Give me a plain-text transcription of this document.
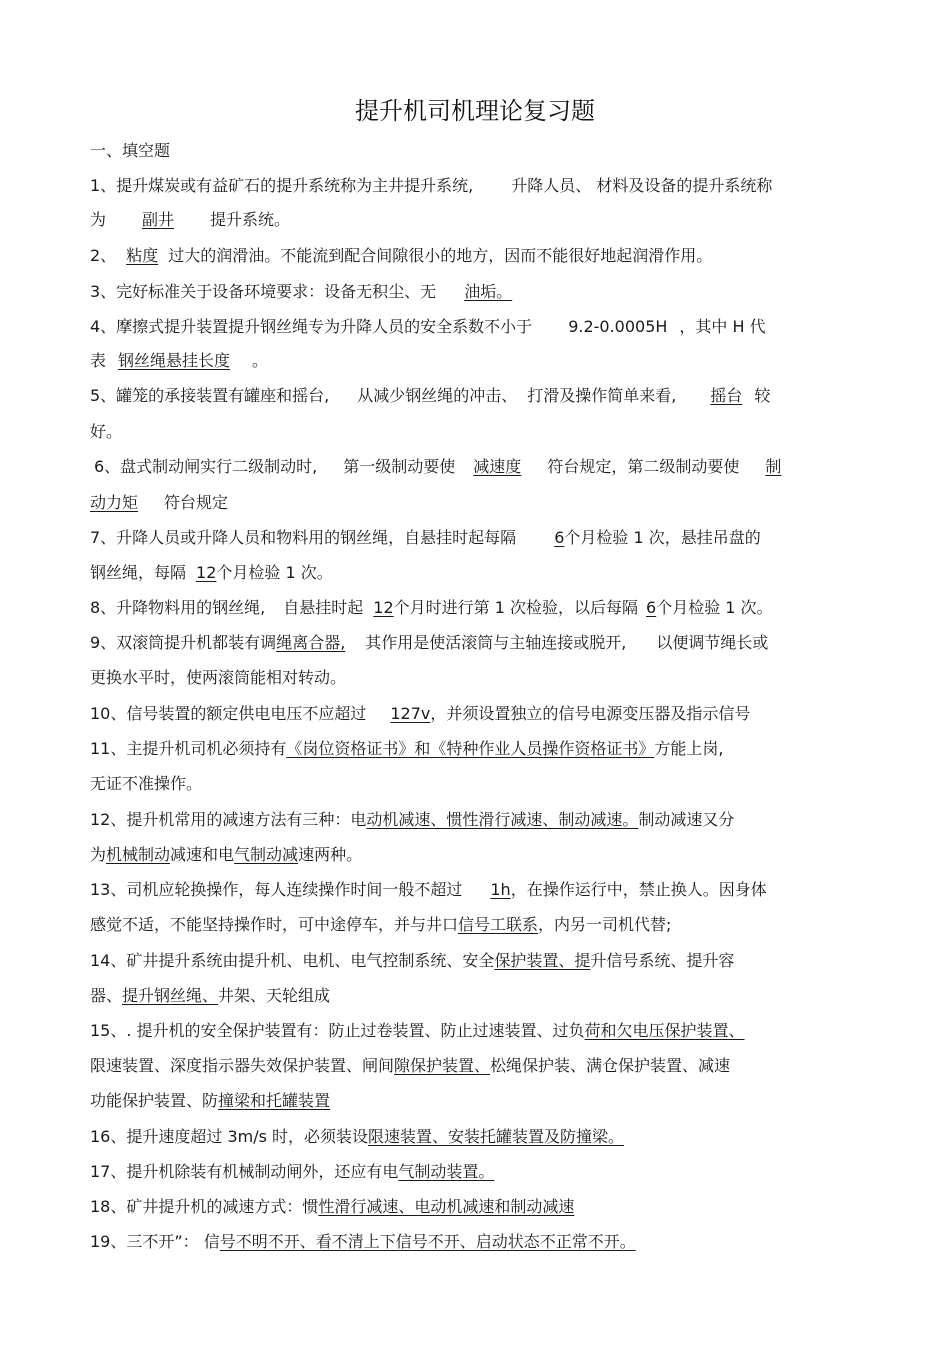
提升机司机理论复习题
一、填空题
1、提升煤炭或有益矿石的提升系统称为主井提升系统, 升降人员、 材料及设备的提升系统称
为 副井 提升系统。
2、 粘度 过大的润滑油。不能流到配合间隙很小的地方，因而不能很好地起润滑作用。
3、完好标准关于设备环境要求：设备无积尘、无 油垢。
4、摩擦式提升装置提升钢丝绳专为升降人员的安全系数不小于 9.2-0.0005H ，其中 H 代
表 钢丝绳悬挂长度 。
5、罐笼的承接装置有罐座和摇台, 从减少钢丝绳的冲击、 打滑及操作简单来看, 摇台 较
好。
6、盘式制动闸实行二级制动时, 第一级制动要使 减速度 符台规定，第二级制动要使 制
动力矩 符台规定
7、升降人员或升降人员和物料用的钢丝绳，自悬挂时起每隔 6个月检验 1 次，悬挂吊盘的
钢丝绳，每隔 12个月检验 1 次。
8、升降物料用的钢丝绳, 自悬挂时起 12个月时进行第 1 次检验，以后每隔 6个月检验 1 次。
9、双滚筒提升机都装有调绳离合器, 其作用是使活滚筒与主轴连接或脱开, 以便调节绳长或
更换水平时，使两滚筒能相对转动。
10、信号装置的额定供电电压不应超过 127v，并须设置独立的信号电源变压器及指示信号
11、主提升机司机必须持有《岗位资格证书》和《特种作业人员操作资格证书》方能上岗,
无证不准操作。
12、提升机常用的减速方法有三种：电动机减速、惯性滑行减速、制动减速。制动减速又分
为机械制动减速和电气制动减速两种。
13、司机应轮换操作，每人连续操作时间一般不超过 1h，在操作运行中，禁止换人。因身体
感觉不适，不能坚持操作时，可中途停车，并与井口信号工联系，内另一司机代替;
14、矿井提升系统由提升机、电机、电气控制系统、安全保护装置、提升信号系统、提升容
器、提升钢丝绳、井架、天轮组成
15、. 提升机的安全保护装置有：防止过卷装置、防止过速装置、过负荷和欠电压保护装置、
限速装置、深度指示器失效保护装置、闸间隙保护装置、松绳保护装、满仓保护装置、减速
功能保护装置、防撞梁和托罐装置
16、提升速度超过 3m/s 时，必须装设限速装置、安装托罐装置及防撞梁。
17、提升机除装有机械制动闸外，还应有电气制动装置。
18、矿井提升机的减速方式：惯性滑行减速、电动机减速和制动减速
19、三不开”： 信号不明不开、看不清上下信号不开、启动状态不正常不开。
